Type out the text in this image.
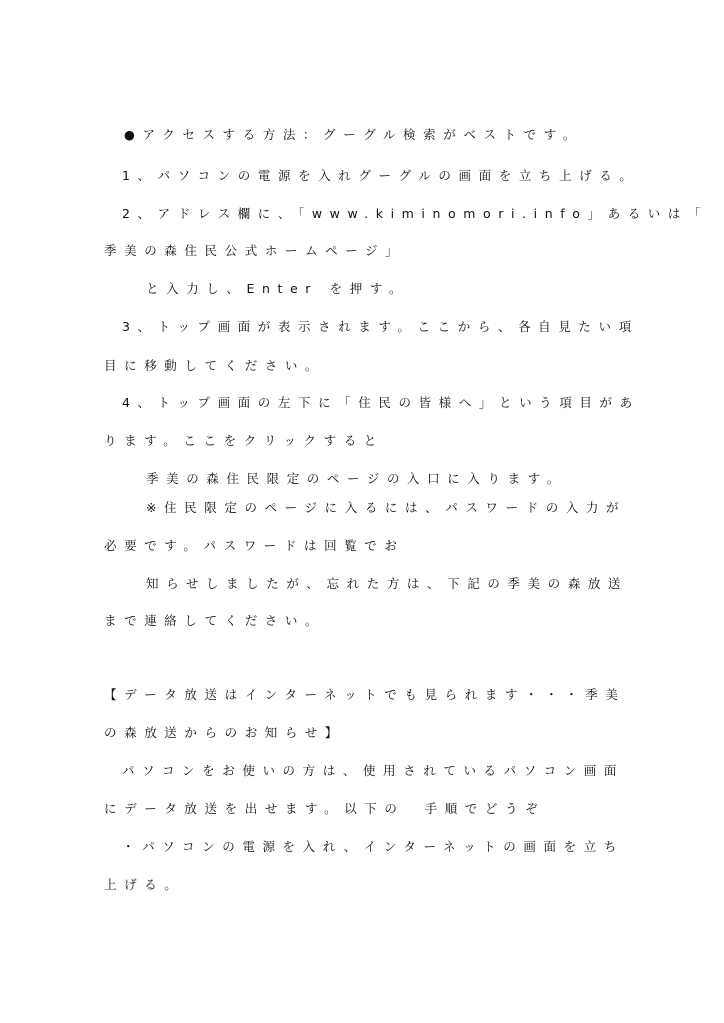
●アクセスする方法：グーグル検索がベストです。
1、パソコンの電源を入れグーグルの画面を立ち上げる。
2、アドレス欄に、「www.kiminomori.info」あるいは「
季美の森住民公式ホームページ」
と入力し、Enter を押す。
3、トップ画面が表示されます。ここから、各自見たい項
目に移動してください。
4、トップ画面の左下に「住民の皆様へ」という項目があ
ります。ここをクリックすると
季美の森住民限定のページの入口に入ります。
※住民限定のページに入るには、パスワードの入力が
必要です。パスワードは回覧でお
知らせしましたが、忘れた方は、下記の季美の森放送
まで連絡してください。
【データ放送はインターネットでも見られます・・・季美
の森放送からのお知らせ】
パソコンをお使いの方は、使用されているパソコン画面
にデータ放送を出せます。以下の　手順でどうぞ
・パソコンの電源を入れ、インターネットの画面を立ち
上げる。
